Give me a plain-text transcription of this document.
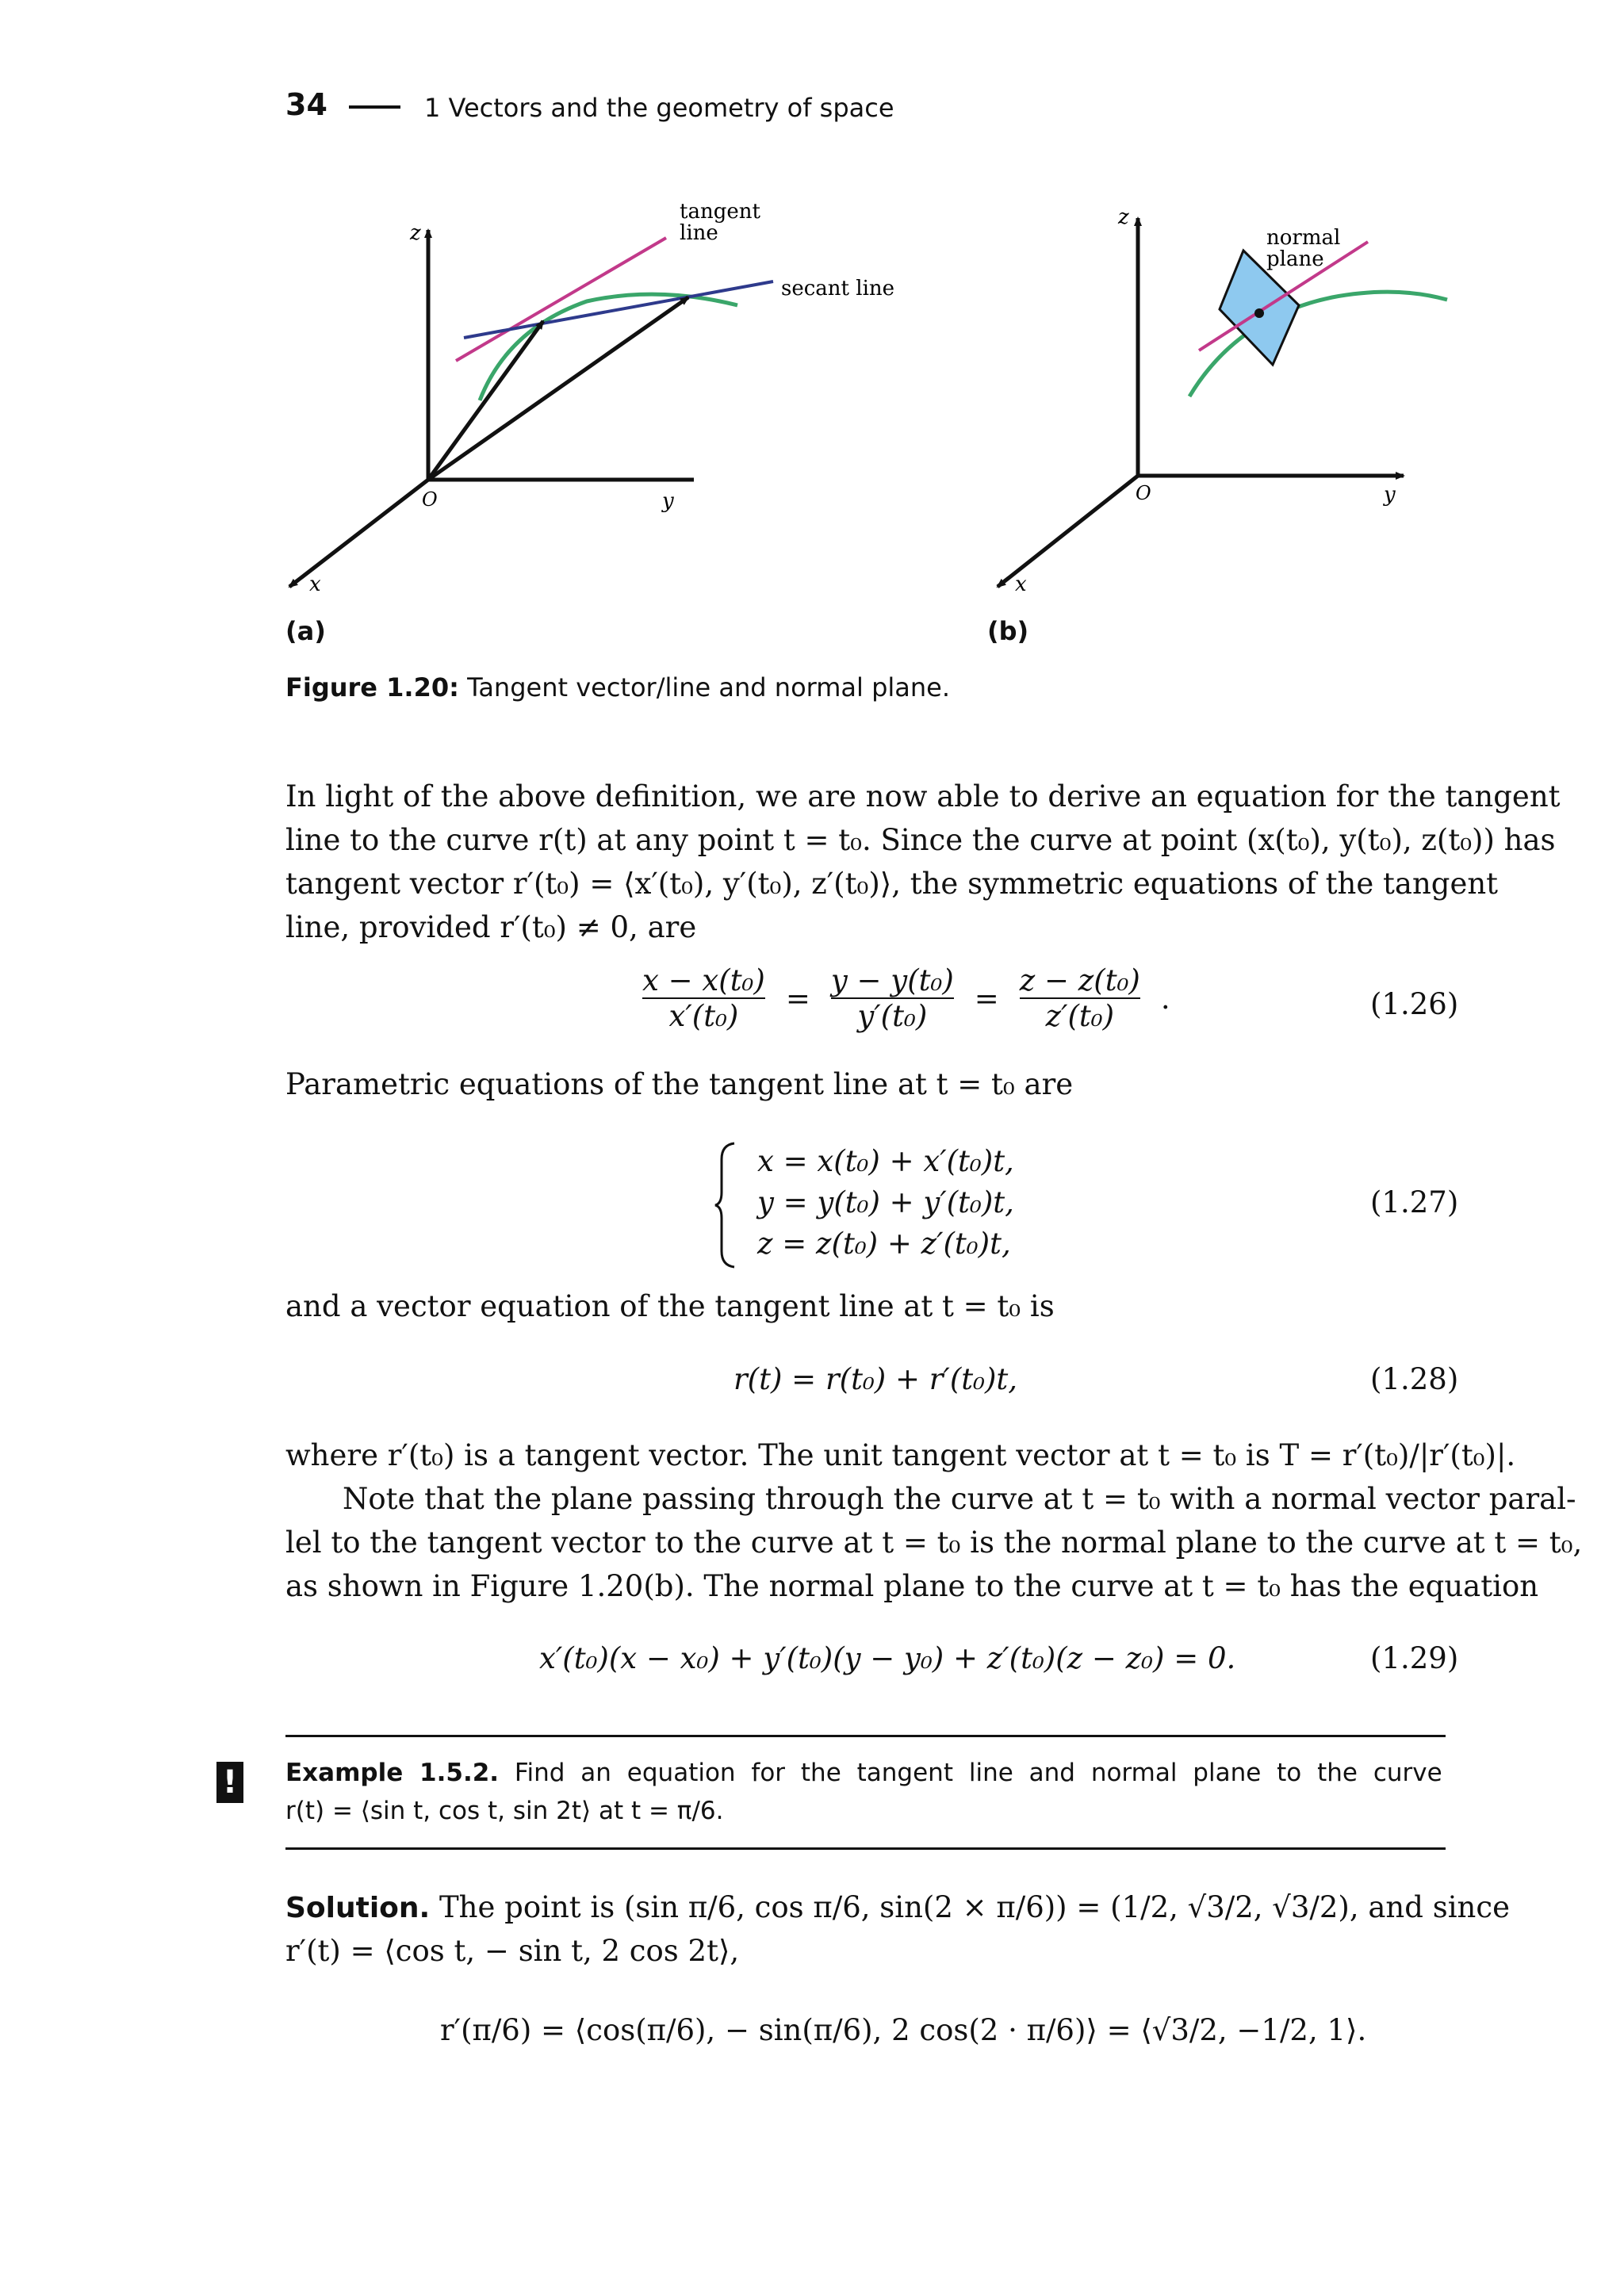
34	1 Vectors and the geometry of space
z
O	y
x
tangent
line
secant line
z
O	y
x
normal
plane
(a)	(b)
Figure 1.20: Tangent vector/line and normal plane.
In light of the above definition, we are now able to derive an equation for the tangent
line to the curve r(t) at any point t = t₀. Since the curve at point (x(t₀), y(t₀), z(t₀)) has
tangent vector r′(t₀) = ⟨x′(t₀), y′(t₀), z′(t₀)⟩, the symmetric equations of the tangent
line, provided r′(t₀) ≠ 0, are
x − x(t₀)
x′(t₀)
=
y − y(t₀)
y′(t₀)
=
z − z(t₀)
z′(t₀)
.	(1.26)
Parametric equations of the tangent line at t = t₀ are
x = x(t₀) + x′(t₀)t,
y = y(t₀) + y′(t₀)t,
z = z(t₀) + z′(t₀)t,
(1.27)
and a vector equation of the tangent line at t = t₀ is
r(t) = r(t₀) + r′(t₀)t,	(1.28)
where r′(t₀) is a tangent vector. The unit tangent vector at t = t₀ is T = r′(t₀)/|r′(t₀)|.
Note that the plane passing through the curve at t = t₀ with a normal vector paral-
lel to the tangent vector to the curve at t = t₀ is the normal plane to the curve at t = t₀,
as shown in Figure 1.20(b). The normal plane to the curve at t = t₀ has the equation
x′(t₀)(x − x₀) + y′(t₀)(y − y₀) + z′(t₀)(z − z₀) = 0.	(1.29)
! Example 1.5.2. Find an equation for the tangent line and normal plane to the curve
r(t) = ⟨sin t, cos t, sin 2t⟩ at t = π/6.
Solution. The point is (sin π/6, cos π/6, sin(2 × π/6)) = (1/2, √3/2, √3/2), and since
r′(t) = ⟨cos t, − sin t, 2 cos 2t⟩,
r′(π/6) = ⟨cos(π/6), − sin(π/6), 2 cos(2 · π/6)⟩ = ⟨√3/2, −1/2, 1⟩.
